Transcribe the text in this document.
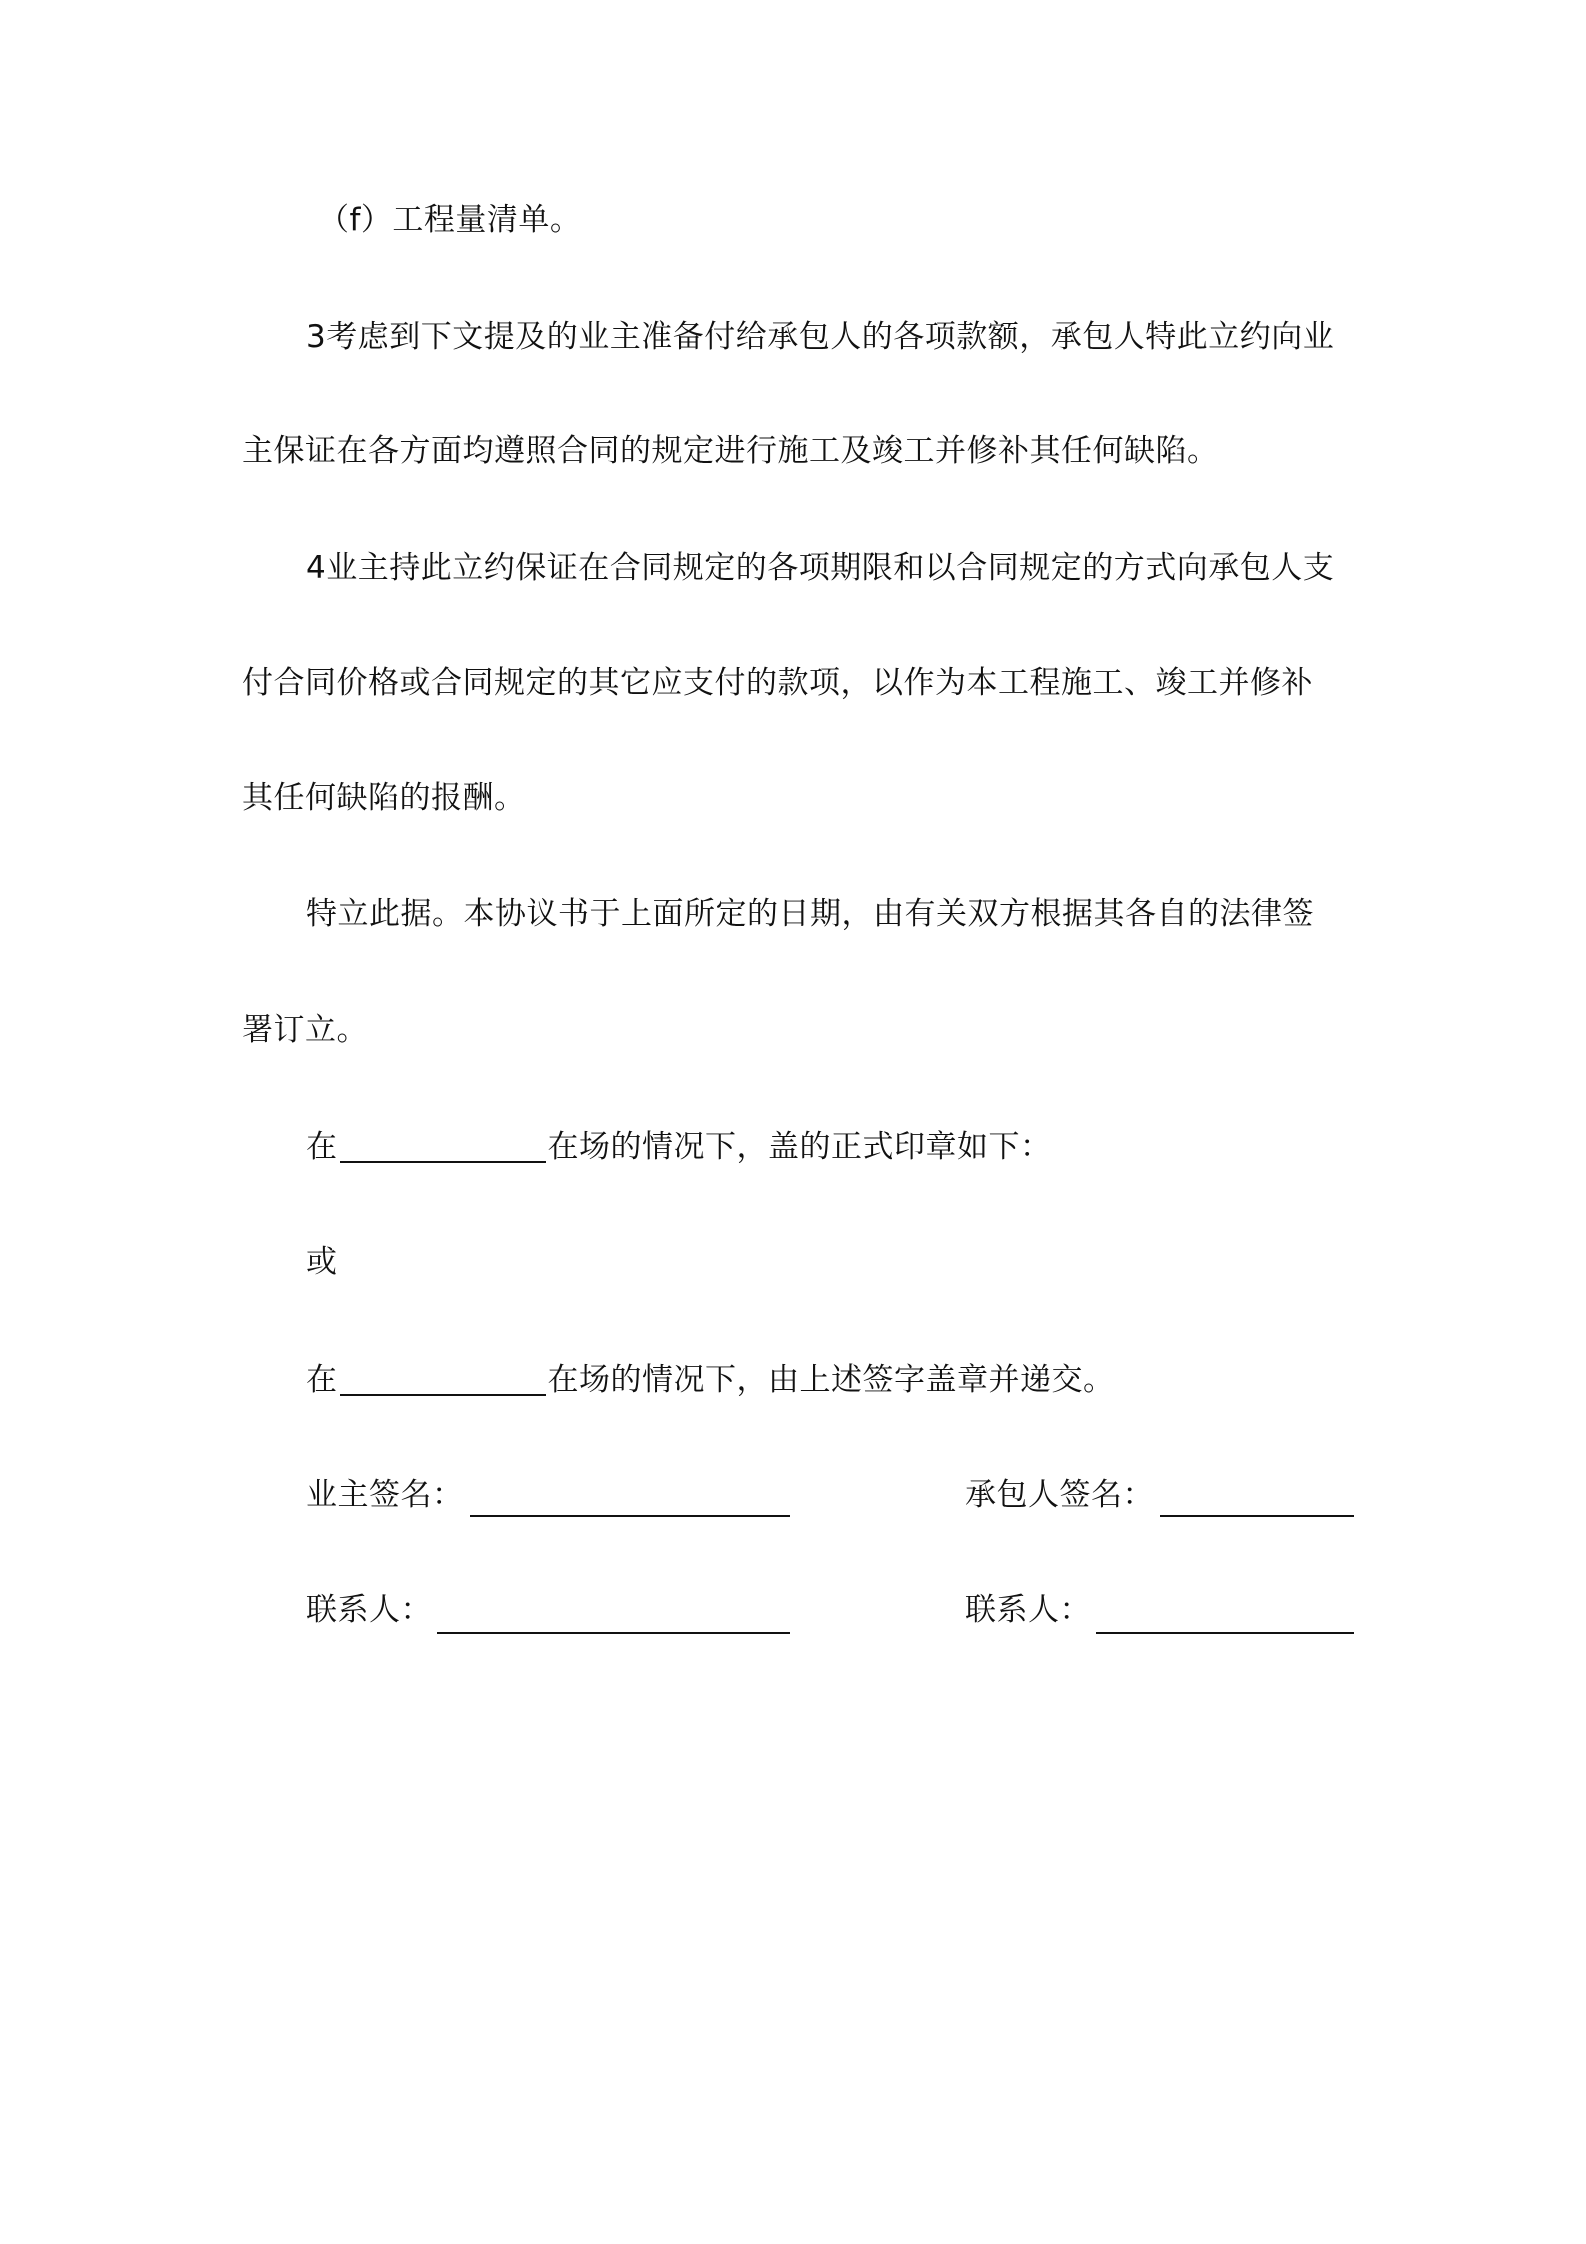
（f）工程量清单。
3考虑到下文提及的业主准备付给承包人的各项款额，承包人特此立约向业
主保证在各方面均遵照合同的规定进行施工及竣工并修补其任何缺陷。
4业主持此立约保证在合同规定的各项期限和以合同规定的方式向承包人支
付合同价格或合同规定的其它应支付的款项，以作为本工程施工、竣工并修补
其任何缺陷的报酬。
特立此据。本协议书于上面所定的日期，由有关双方根据其各自的法律签
署订立。
在	在场的情况下，盖的正式印章如下：
或
在	在场的情况下，由上述签字盖章并递交。
业主签名：	承包人签名：
联系人：	联系人：
